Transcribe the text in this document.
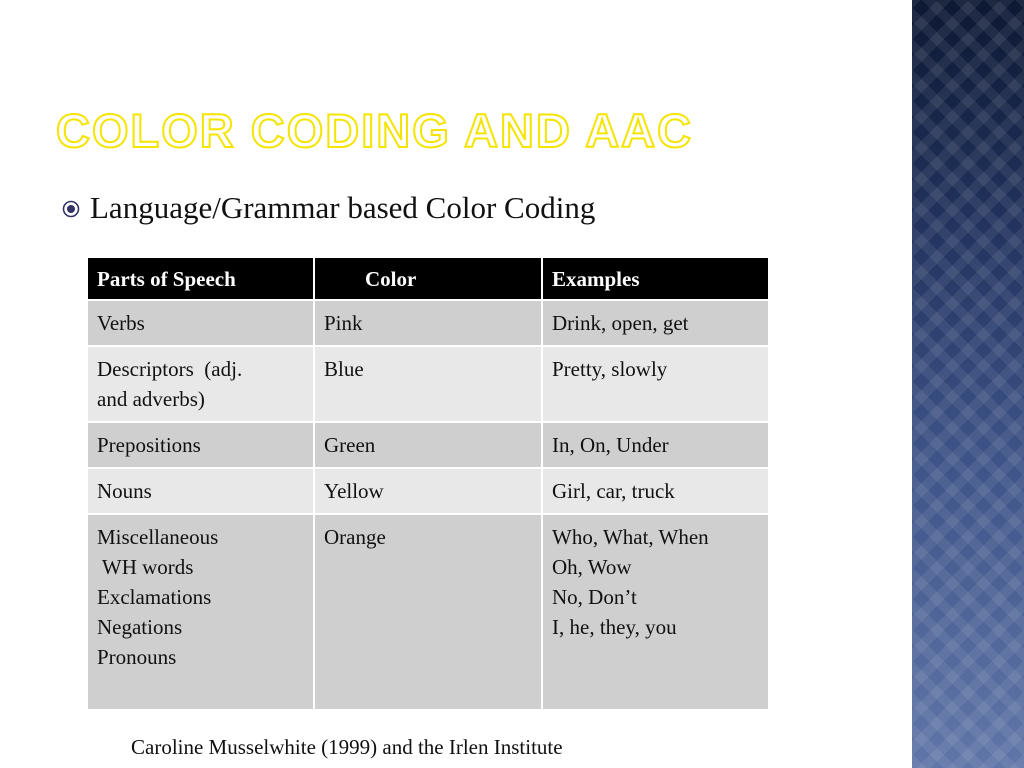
COLOR CODING AND AAC
Language/Grammar based Color Coding
Parts of Speech	Color	Examples

Verbs	Pink	Drink, open, get

Descriptors  (adj.
and adverbs)	Blue	Pretty, slowly

Prepositions	Green	In, On, Under

Nouns	Yellow	Girl, car, truck

Miscellaneous
WH words
Exclamations
Negations
Pronouns	Orange	Who, What, When
Oh, Wow
No, Don’t
I, he, they, you
Caroline Musselwhite (1999) and the Irlen Institute
